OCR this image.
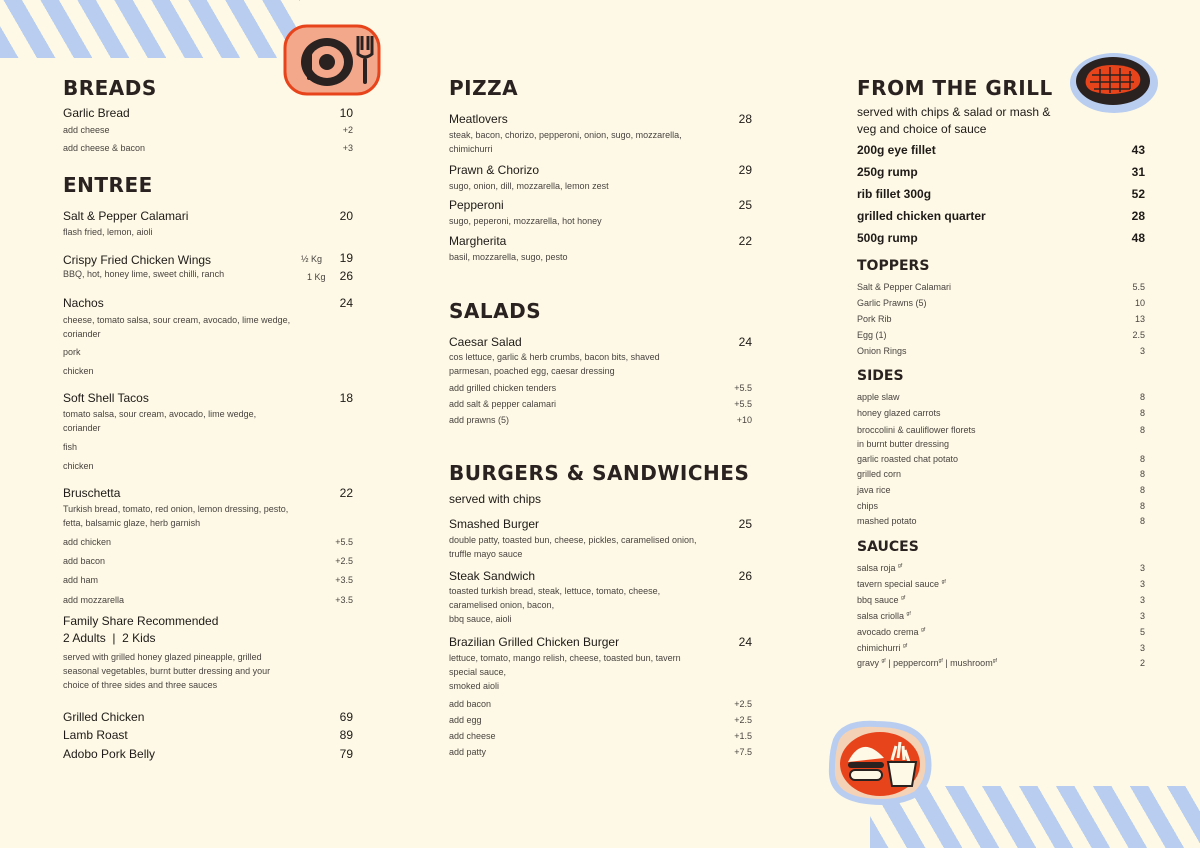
BREADS
Garlic Bread	10
add cheese	+2
add cheese & bacon	+3
ENTREE
Salt & Pepper Calamari	20
flash fried, lemon, aioli
Crispy Fried Chicken Wings	½ Kg 19
1 Kg 26
BBQ, hot, honey lime, sweet chilli, ranch
Nachos	24
cheese, tomato salsa, sour cream, avocado, lime wedge, coriander
pork
chicken
Soft Shell Tacos	18
tomato salsa, sour cream, avocado, lime wedge, coriander
fish
chicken
Bruschetta	22
Turkish bread, tomato, red onion, lemon dressing, pesto, fetta, balsamic glaze, herb garnish
add chicken	+5.5
add bacon	+2.5
add ham	+3.5
add mozzarella	+3.5
Family Share Recommended
2 Adults  |  2 Kids
served with grilled honey glazed pineapple, grilled seasonal vegetables, burnt butter dressing and your choice of three sides and three sauces
Grilled Chicken	69
Lamb Roast	89
Adobo Pork Belly	79
PIZZA
Meatlovers	28
steak, bacon, chorizo, pepperoni, onion, sugo, mozzarella, chimichurri
Prawn & Chorizo	29
sugo, onion, dill, mozzarella, lemon zest
Pepperoni	25
sugo, peperoni, mozzarella, hot honey
Margherita	22
basil, mozzarella, sugo, pesto
SALADS
Caesar Salad	24
cos lettuce, garlic & herb crumbs, bacon bits, shaved parmesan, poached egg, caesar dressing
add grilled chicken tenders	+5.5
add salt & pepper calamari	+5.5
add prawns (5)	+10
BURGERS & SANDWICHES
served with chips
Smashed Burger	25
double patty, toasted bun, cheese, pickles, caramelised onion, truffle mayo sauce
Steak Sandwich	26
toasted turkish bread, steak, lettuce, tomato, cheese, caramelised onion, bacon,
bbq sauce, aioli
Brazilian Grilled Chicken Burger	24
lettuce, tomato, mango relish, cheese, toasted bun, tavern special sauce,
smoked aioli
add bacon	+2.5
add egg	+2.5
add cheese	+1.5
add patty	+7.5
FROM THE GRILL
served with chips & salad or mash & veg and choice of sauce
200g eye fillet	43
250g rump	31
rib fillet 300g	52
grilled chicken quarter	28
500g rump	48
TOPPERS
Salt & Pepper Calamari	5.5
Garlic Prawns (5)	10
Pork Rib	13
Egg (1)	2.5
Onion Rings	3
SIDES
apple slaw	8
honey glazed carrots	8
broccolini & cauliflower florets	8
in burnt butter dressing
garlic roasted chat potato	8
grilled corn	8
java rice	8
chips	8
mashed potato	8
SAUCES
salsa roja $^{gf}$	3
tavern special sauce $^{gf}$	3
bbq sauce $^{gf}$	3
salsa criolla $^{gf}$	3
avocado crema $^{gf}$	5
chimichurri $^{gf}$	3
gravy $^{gf}$ | peppercorn$^{gf}$ | mushroom$^{gf}$	2
